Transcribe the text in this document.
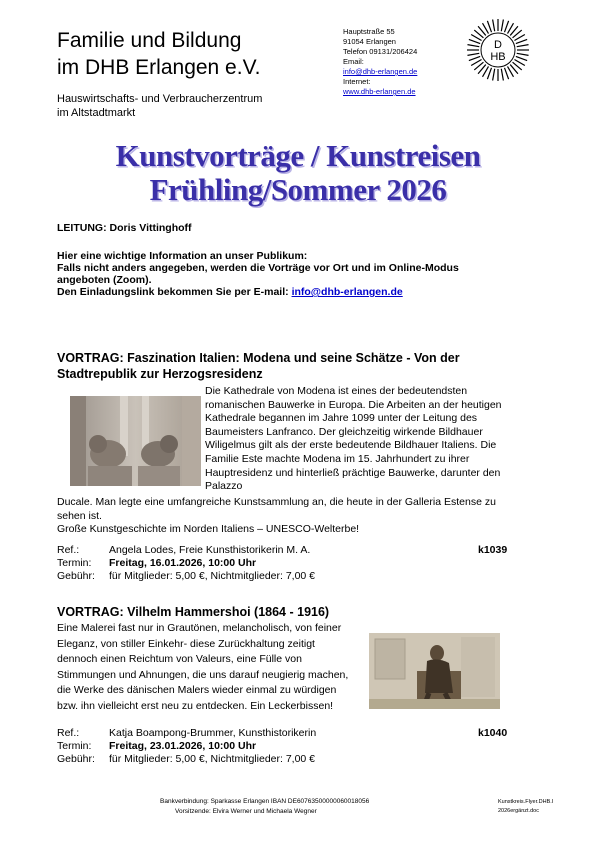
Familie und Bildung
im DHB Erlangen e.V.
Hauswirtschafts- und Verbraucherzentrum
im Altstadtmarkt
Hauptstraße 55
91054 Erlangen
Telefon 09131/206424
Email:
info@dhb-erlangen.de
Internet:
www.dhb-erlangen.de
D
HB
Kunstvorträge / Kunstreisen
Frühling/Sommer 2026
LEITUNG: Doris Vittinghoff
Hier eine wichtige Information an unser Publikum:
Falls nicht anders angegeben, werden die Vorträge vor Ort und im Online-Modus angeboten (Zoom).
Den Einladungslink bekommen Sie per E-mail: info@dhb-erlangen.de
VORTRAG: Faszination Italien: Modena und seine Schätze - Von der Stadtrepublik zur Herzogsresidenz
Die Kathedrale von Modena ist eines der bedeutendsten romanischen Bauwerke in Europa. Die Arbeiten an der heutigen Kathedrale begannen im Jahre 1099 unter der Leitung des Baumeisters Lanfranco. Der gleichzeitig wirkende Bildhauer Wiligelmus gilt als der erste bedeutende Bildhauer Italiens. Die Familie Este machte Modena im 15. Jahrhundert zu ihrer Hauptresidenz und hinterließ prächtige Bauwerke, darunter den Palazzo
Ducale. Man legte eine umfangreiche Kunstsammlung an, die heute in der Galleria Estense zu sehen ist.
Große Kunstgeschichte im Norden Italiens – UNESCO-Welterbe!
Ref.:	Angela Lodes, Freie Kunsthistorikerin M. A.
Termin: Freitag, 16.01.2026, 10:00 Uhr
Gebühr: für Mitglieder: 5,00 €, Nichtmitglieder: 7,00 €
k1039
VORTRAG: Vilhelm Hammershoi (1864 - 1916)
Eine Malerei fast nur in Grautönen, melancholisch, von feiner Eleganz, von stiller Einkehr- diese Zurückhaltung zeitigt dennoch einen Reichtum von Valeurs, eine Fülle von Stimmungen und Ahnungen, die uns darauf neugierig machen, die Werke des dänischen Malers wieder einmal zu würdigen bzw. ihn vielleicht erst neu zu entdecken. Ein Leckerbissen!
Ref.:	Katja Boampong-Brummer, Kunsthistorikerin
Termin: Freitag, 23.01.2026, 10:00 Uhr
Gebühr: für Mitglieder: 5,00 €, Nichtmitglieder: 7,00 €
k1040
Bankverbindung: Sparkasse Erlangen IBAN DE60763500000060018056
Vorsitzende: Elvira Werner und Michaela Wegner
Kunstkreis.Flyer.DHB.I
2026ergänzt.doc
